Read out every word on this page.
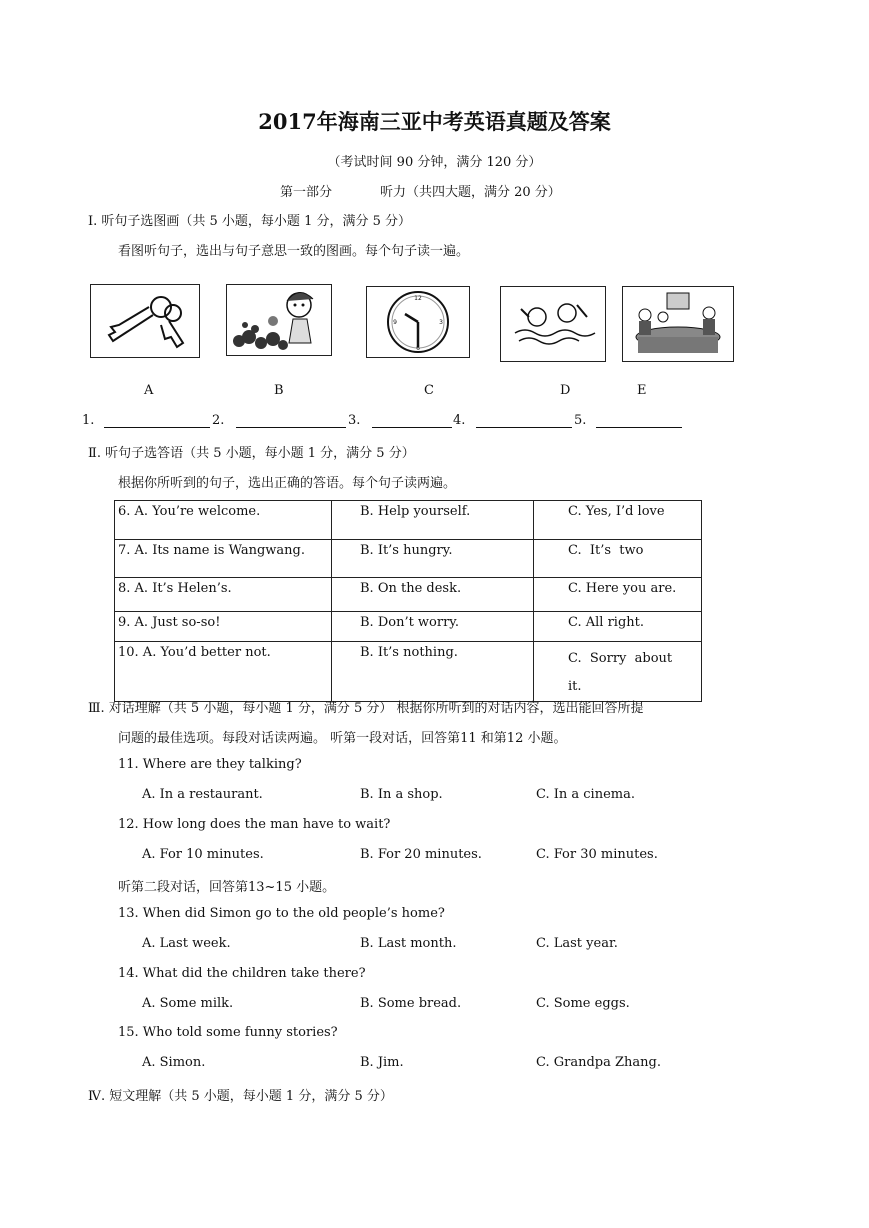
2017年海南三亚中考英语真题及答案
（考试时间 90 分钟，满分 120 分）
第一部分	听力（共四大题，满分 20 分）
Ⅰ. 听句子选图画（共 5 小题，每小题 1 分，满分 5 分）
看图听句子，选出与句子意思一致的图画。每个句子读一遍。
12
3
6
9
A	B	C	D	E
1.	2.	3.	4.	5.
Ⅱ. 听句子选答语（共 5 小题，每小题 1 分，满分 5 分）
根据你所听到的句子，选出正确的答语。每个句子读两遍。
6. A. You’re welcome.	B. Help yourself.	C. Yes, I’d love
7. A. Its name is Wangwang.	B. It’s hungry.	C.  It’s  two
8. A. It’s Helen’s.	B. On the desk.	C. Here you are.
9. A. Just so-so!	B. Don’t worry.	C. All right.
10. A. You’d better not.	B. It’s nothing.	C.  Sorry  about
it.
Ⅲ. 对话理解（共 5 小题，每小题 1 分，满分 5 分） 根据你所听到的对话内容，选出能回答所提
问题的最佳选项。每段对话读两遍。 听第一段对话，回答第11 和第12 小题。
11. Where are they talking?
A. In a restaurant.	B. In a shop.	C. In a cinema.
12. How long does the man have to wait?
A. For 10 minutes.	B. For 20 minutes.	C. For 30 minutes.
听第二段对话，回答第13~15 小题。
13. When did Simon go to the old people’s home?
A. Last week.	B. Last month.	C. Last year.
14. What did the children take there?
A. Some milk.	B. Some bread.	C. Some eggs.
15. Who told some funny stories?
A. Simon.	B. Jim.	C. Grandpa Zhang.
Ⅳ. 短文理解（共 5 小题，每小题 1 分，满分 5 分）
